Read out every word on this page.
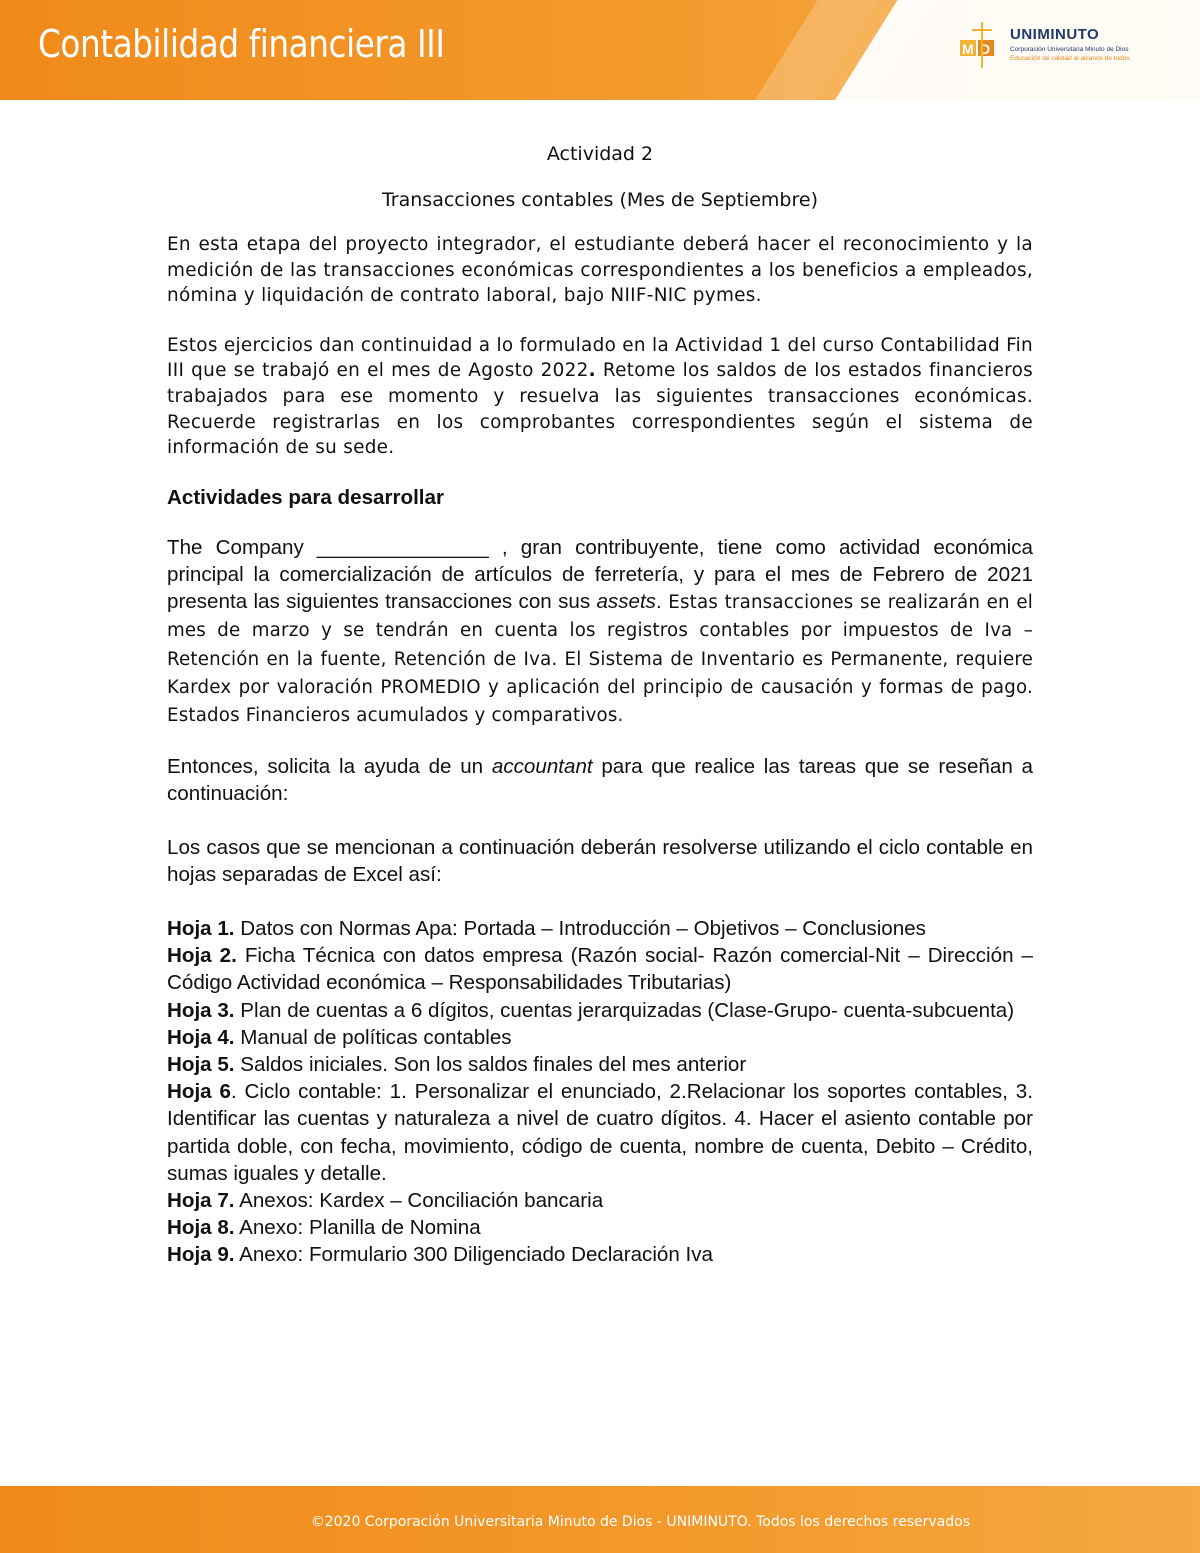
Contabilidad financiera III	M D
UNIMINUTO
Corporación Universitaria Minuto de Dios
Educación de calidad al alcance de todos

Actividad 2

Transacciones contables (Mes de Septiembre)

En esta etapa del proyecto integrador, el estudiante deberá hacer el reconocimiento y la medición de las transacciones económicas correspondientes a los beneficios a empleados, nómina y liquidación de contrato laboral, bajo NIIF-NIC pymes.

Estos ejercicios dan continuidad a lo formulado en la Actividad 1 del curso Contabilidad Fin III que se trabajó en el mes de Agosto 2022. Retome los saldos de los estados financieros trabajados para ese momento y resuelva las siguientes transacciones económicas. Recuerde registrarlas en los comprobantes correspondientes según el sistema de información de su sede.

Actividades para desarrollar

The Company _______________ , gran contribuyente, tiene como actividad económica principal la comercialización de artículos de ferretería, y para el mes de Febrero de 2021 presenta las siguientes transacciones con sus assets. Estas transacciones se realizarán en el mes de marzo y se tendrán en cuenta los registros contables por impuestos de Iva – Retención en la fuente, Retención de Iva. El Sistema de Inventario es Permanente, requiere Kardex por valoración PROMEDIO y aplicación del principio de causación y formas de pago. Estados Financieros acumulados y comparativos.

Entonces, solicita la ayuda de un accountant para que realice las tareas que se reseñan a continuación:

Los casos que se mencionan a continuación deberán resolverse utilizando el ciclo contable en hojas separadas de Excel así:

Hoja 1. Datos con Normas Apa: Portada – Introducción – Objetivos – Conclusiones

Hoja 2. Ficha Técnica con datos empresa (Razón social- Razón comercial-Nit – Dirección – Código Actividad económica – Responsabilidades Tributarias)

Hoja 3. Plan de cuentas a 6 dígitos, cuentas jerarquizadas (Clase-Grupo- cuenta-subcuenta)

Hoja 4. Manual de políticas contables

Hoja 5. Saldos iniciales. Son los saldos finales del mes anterior

Hoja 6. Ciclo contable: 1. Personalizar el enunciado, 2.Relacionar los soportes contables, 3. Identificar las cuentas y naturaleza a nivel de cuatro dígitos. 4. Hacer el asiento contable por partida doble, con fecha, movimiento, código de cuenta, nombre de cuenta, Debito – Crédito, sumas iguales y detalle.

Hoja 7. Anexos: Kardex – Conciliación bancaria

Hoja 8. Anexo: Planilla de Nomina

Hoja 9. Anexo: Formulario 300 Diligenciado Declaración Iva

©2020 Corporación Universitaria Minuto de Dios - UNIMINUTO. Todos los derechos reservados
